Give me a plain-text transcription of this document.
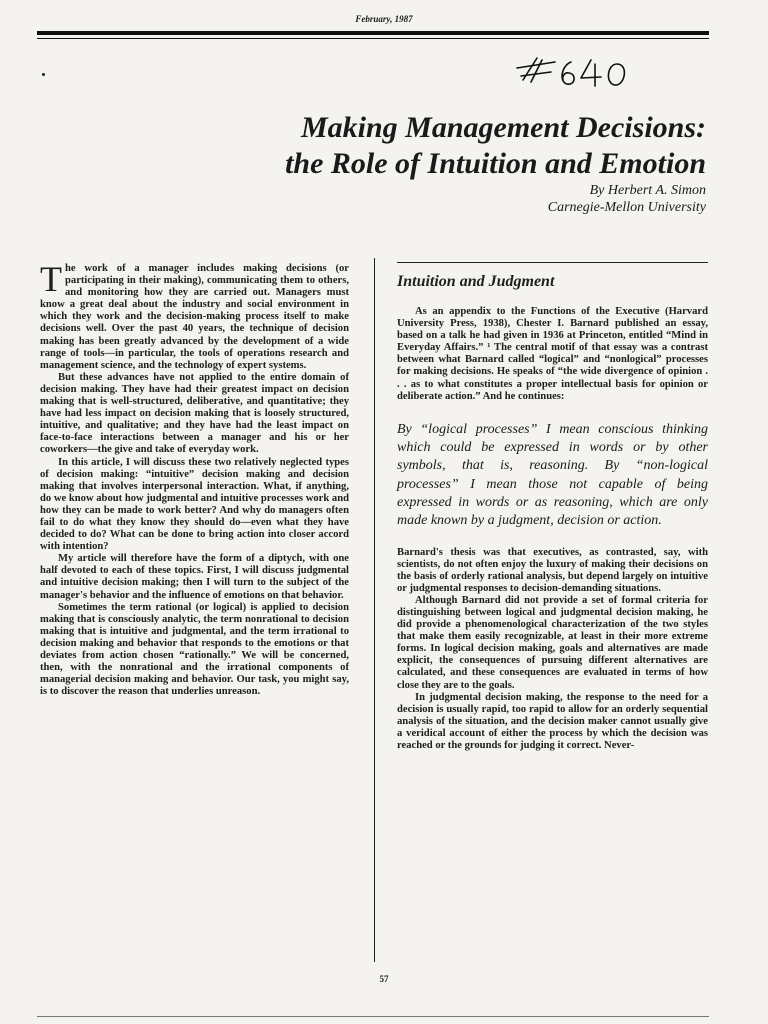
February, 1987
Making Management Decisions:
the Role of Intuition and Emotion
By Herbert A. Simon
Carnegie-Mellon University

The work of a manager includes making decisions (or participating in their making), communicating them to others, and monitoring how they are carried out. Managers must know a great deal about the industry and social environment in which they work and the decision-making process itself to make decisions well. Over the past 40 years, the technique of decision making has been greatly advanced by the development of a wide range of tools—in particular, the tools of operations research and management science, and the technology of expert systems.

But these advances have not applied to the entire domain of decision making. They have had their greatest impact on decision making that is well-structured, deliberative, and quantitative; they have had less impact on decision making that is loosely structured, intuitive, and qualitative; and they have had the least impact on face-to-face interactions between a manager and his or her coworkers—the give and take of everyday work.

In this article, I will discuss these two relatively neglected types of decision making: “intuitive” decision making and decision making that involves interpersonal interaction. What, if anything, do we know about how judgmental and intuitive processes work and how they can be made to work better? And why do managers often fail to do what they know they should do—even what they have decided to do? What can be done to bring action into closer accord with intention?

My article will therefore have the form of a diptych, with one half devoted to each of these topics. First, I will discuss judgmental and intuitive decision making; then I will turn to the subject of the manager's behavior and the influence of emotions on that behavior.

Sometimes the term rational (or logical) is applied to decision making that is consciously analytic, the term nonrational to decision making that is intuitive and judgmental, and the term irrational to decision making and behavior that responds to the emotions or that deviates from action chosen “rationally.” We will be concerned, then, with the nonrational and the irrational components of managerial decision making and behavior. Our task, you might say, is to discover the reason that underlies unreason.

Intuition and Judgment

As an appendix to the Functions of the Executive (Harvard University Press, 1938), Chester I. Barnard published an essay, based on a talk he had given in 1936 at Princeton, entitled “Mind in Everyday Affairs.” ¹ The central motif of that essay was a contrast between what Barnard called “logical” and “nonlogical” processes for making decisions. He speaks of “the wide divergence of opinion . . . as to what constitutes a proper intellectual basis for opinion or deliberate action.” And he continues:

By “logical processes” I mean conscious thinking which could be expressed in words or by other symbols, that is, reasoning. By “non-logical processes” I mean those not capable of being expressed in words or as reasoning, which are only made known by a judgment, decision or action.

Barnard's thesis was that executives, as contrasted, say, with scientists, do not often enjoy the luxury of making their decisions on the basis of orderly rational analysis, but depend largely on intuitive or judgmental responses to decision-demanding situations.

Although Barnard did not provide a set of formal criteria for distinguishing between logical and judgmental decision making, he did provide a phenomenological characterization of the two styles that make them easily recognizable, at least in their more extreme forms. In logical decision making, goals and alternatives are made explicit, the consequences of pursuing different alternatives are calculated, and these consequences are evaluated in terms of how close they are to the goals.

In judgmental decision making, the response to the need for a decision is usually rapid, too rapid to allow for an orderly sequential analysis of the situation, and the decision maker cannot usually give a veridical account of either the process by which the decision was reached or the grounds for judging it correct. Never-

57
